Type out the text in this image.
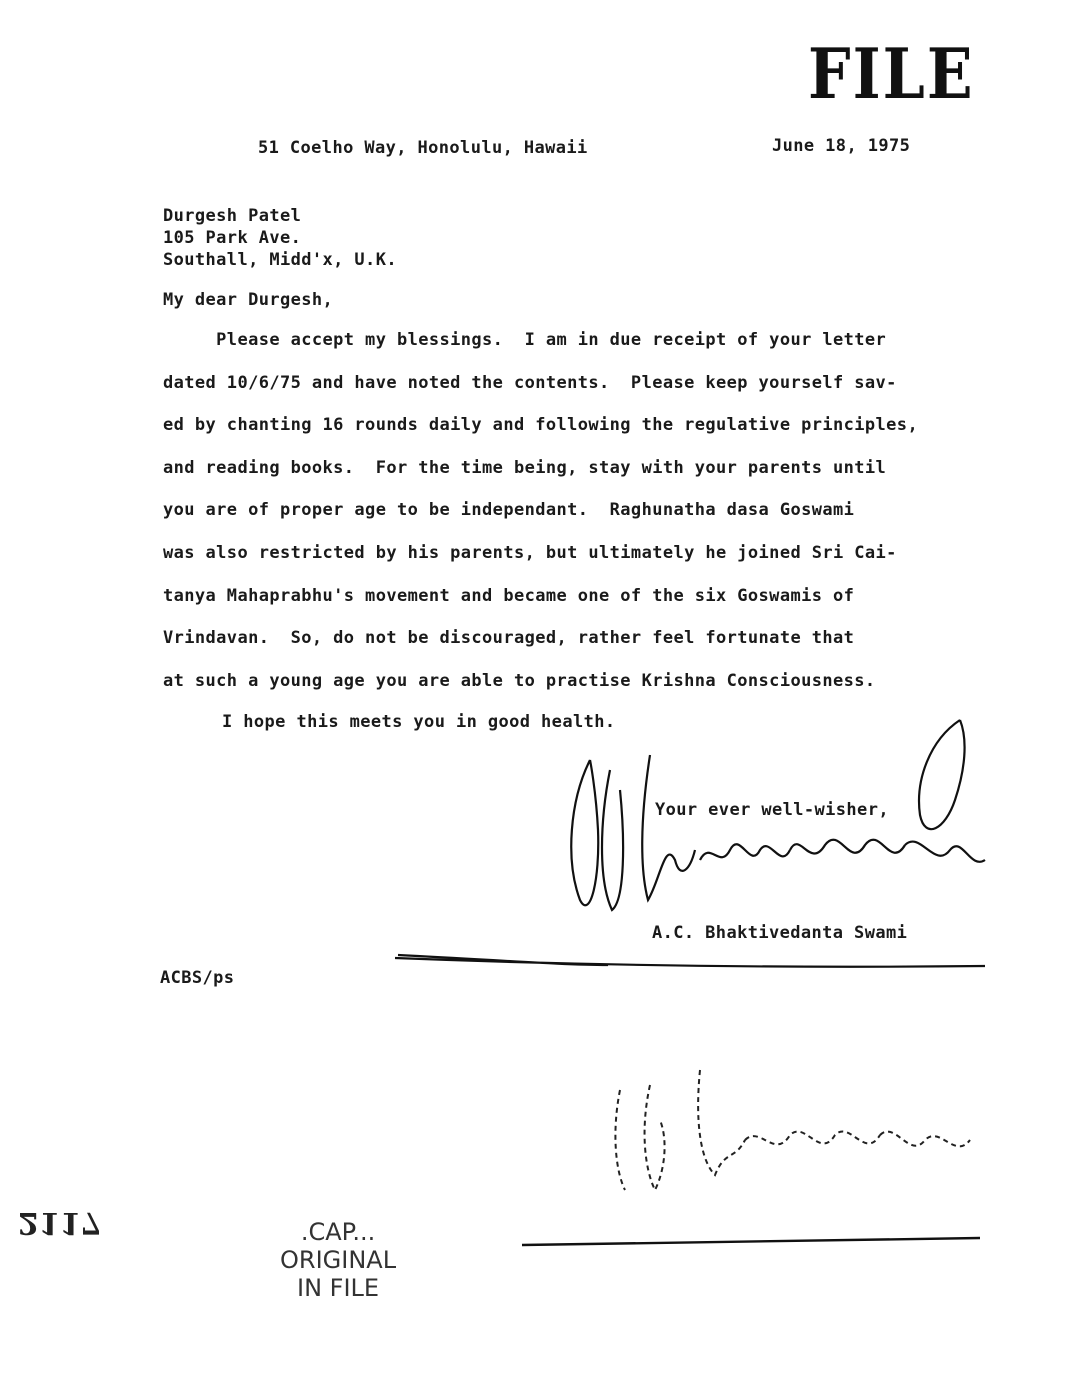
FILE
51 Coelho Way, Honolulu, Hawaii	June 18, 1975
Durgesh Patel
105 Park Ave.
Southall, Midd'x, U.K.
My dear Durgesh,
Please accept my blessings.  I am in due receipt of your letter
dated 10/6/75 and have noted the contents.  Please keep yourself sav-
ed by chanting 16 rounds daily and following the regulative principles,
and reading books.  For the time being, stay with your parents until
you are of proper age to be independant.  Raghunatha dasa Goswami
was also restricted by his parents, but ultimately he joined Sri Cai-
tanya Mahaprabhu's movement and became one of the six Goswamis of
Vrindavan.  So, do not be discouraged, rather feel fortunate that
at such a young age you are able to practise Krishna Consciousness.
I hope this meets you in good health.
Your ever well-wisher,
A.C. Bhaktivedanta Swami
ACBS/ps
2117	.CAP...
ORIGINAL
IN FILE
